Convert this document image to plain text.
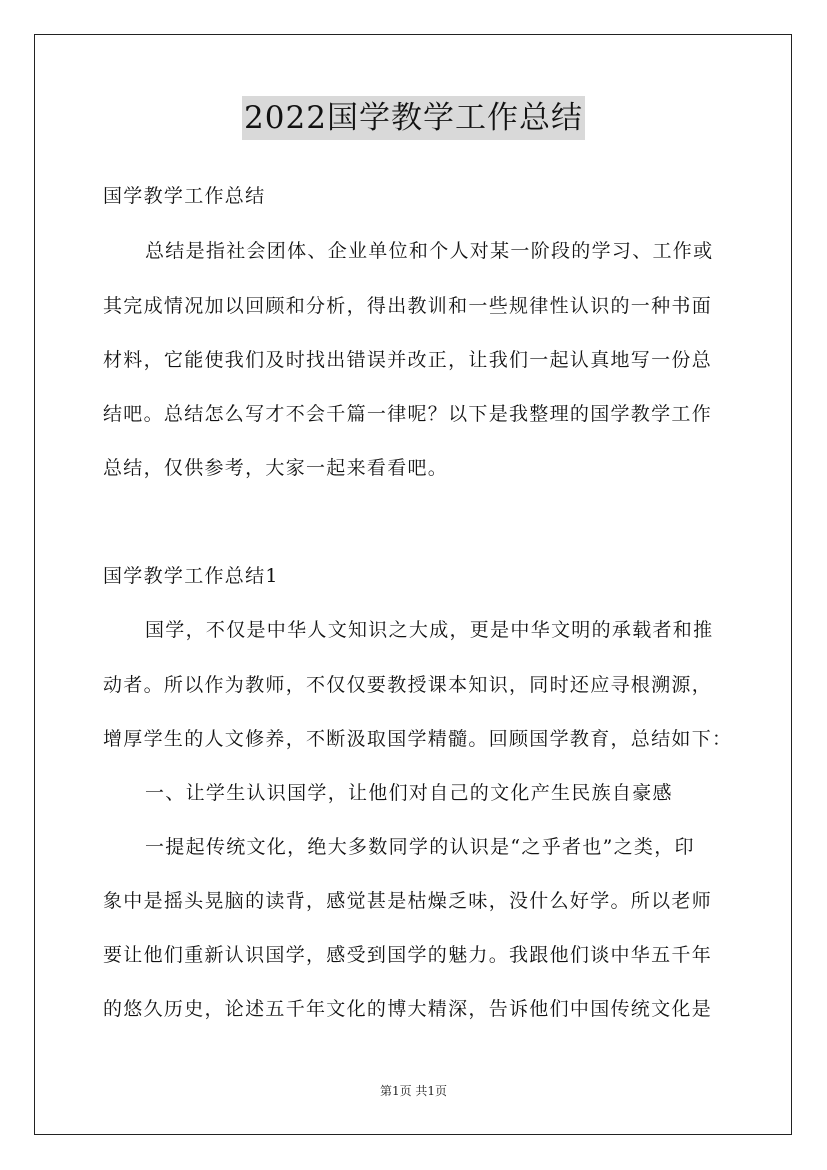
2022国学教学工作总结
国学教学工作总结
总结是指社会团体、企业单位和个人对某一阶段的学习、工作或
其完成情况加以回顾和分析，得出教训和一些规律性认识的一种书面
材料，它能使我们及时找出错误并改正，让我们一起认真地写一份总
结吧。总结怎么写才不会千篇一律呢？以下是我整理的国学教学工作
总结，仅供参考，大家一起来看看吧。
国学教学工作总结1
国学，不仅是中华人文知识之大成，更是中华文明的承载者和推
动者。所以作为教师，不仅仅要教授课本知识，同时还应寻根溯源，
增厚学生的人文修养，不断汲取国学精髓。回顾国学教育，总结如下：
一、让学生认识国学，让他们对自己的文化产生民族自豪感
一提起传统文化，绝大多数同学的认识是“之乎者也”之类，印
象中是摇头晃脑的读背，感觉甚是枯燥乏味，没什么好学。所以老师
要让他们重新认识国学，感受到国学的魅力。我跟他们谈中华五千年
的悠久历史，论述五千年文化的博大精深，告诉他们中国传统文化是
第1页 共1页
